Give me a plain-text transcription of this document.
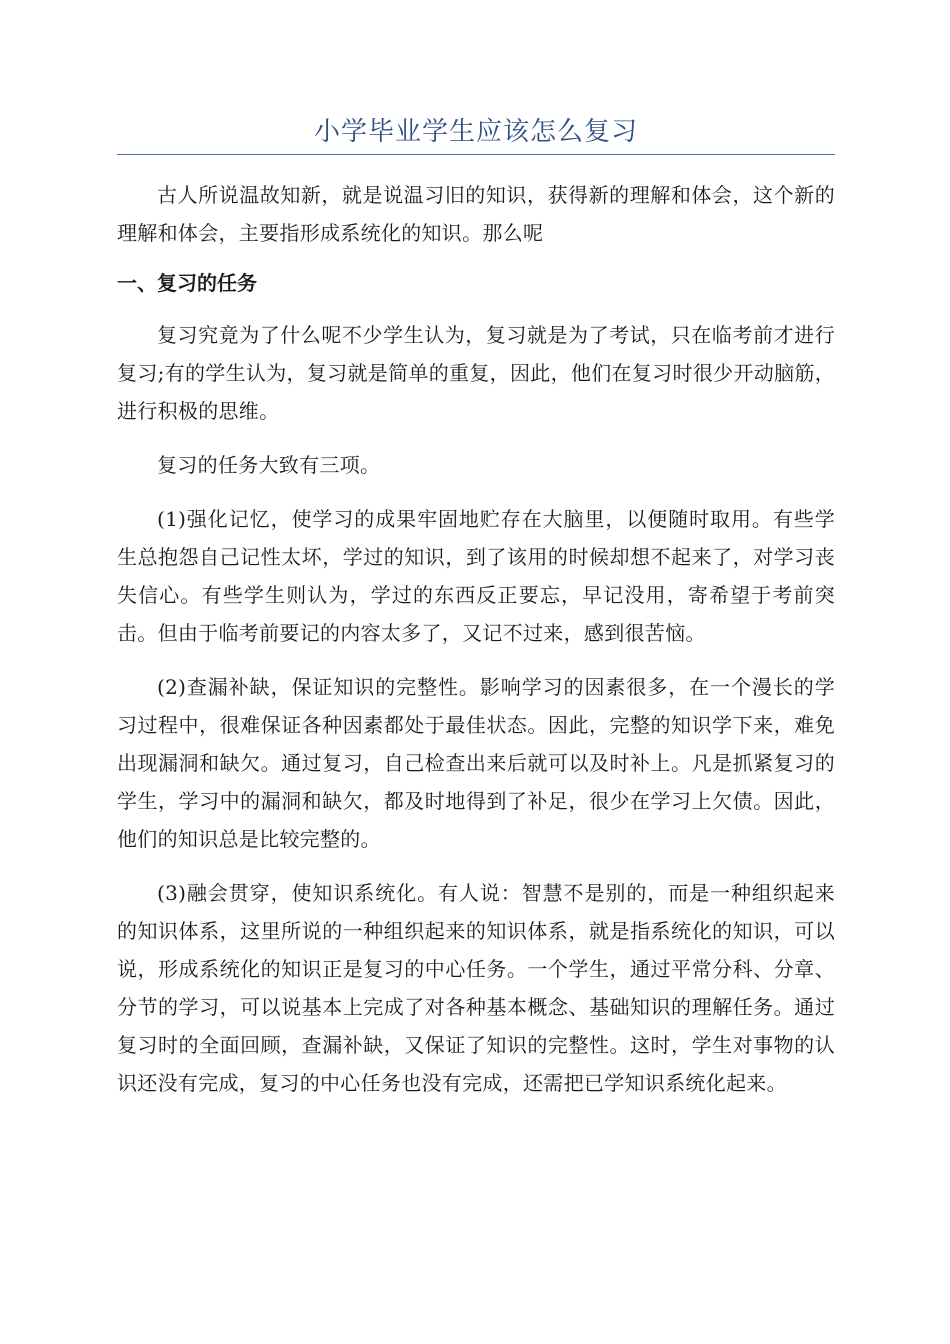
小学毕业学生应该怎么复习

古人所说温故知新，就是说温习旧的知识，获得新的理解和体会，这个新的理解和体会，主要指形成系统化的知识。那么呢

一、复习的任务

复习究竟为了什么呢不少学生认为，复习就是为了考试，只在临考前才进行复习;有的学生认为，复习就是简单的重复，因此，他们在复习时很少开动脑筋，进行积极的思维。

复习的任务大致有三项。

(1)强化记忆，使学习的成果牢固地贮存在大脑里，以便随时取用。有些学生总抱怨自己记性太坏，学过的知识，到了该用的时候却想不起来了，对学习丧失信心。有些学生则认为，学过的东西反正要忘，早记没用，寄希望于考前突击。但由于临考前要记的内容太多了，又记不过来，感到很苦恼。

(2)查漏补缺，保证知识的完整性。影响学习的因素很多，在一个漫长的学习过程中，很难保证各种因素都处于最佳状态。因此，完整的知识学下来，难免出现漏洞和缺欠。通过复习，自己检查出来后就可以及时补上。凡是抓紧复习的学生，学习中的漏洞和缺欠，都及时地得到了补足，很少在学习上欠债。因此，他们的知识总是比较完整的。

(3)融会贯穿，使知识系统化。有人说：智慧不是别的，而是一种组织起来的知识体系，这里所说的一种组织起来的知识体系，就是指系统化的知识，可以说，形成系统化的知识正是复习的中心任务。一个学生，通过平常分科、分章、分节的学习，可以说基本上完成了对各种基本概念、基础知识的理解任务。通过复习时的全面回顾，查漏补缺，又保证了知识的完整性。这时，学生对事物的认识还没有完成，复习的中心任务也没有完成，还需把已学知识系统化起来。
